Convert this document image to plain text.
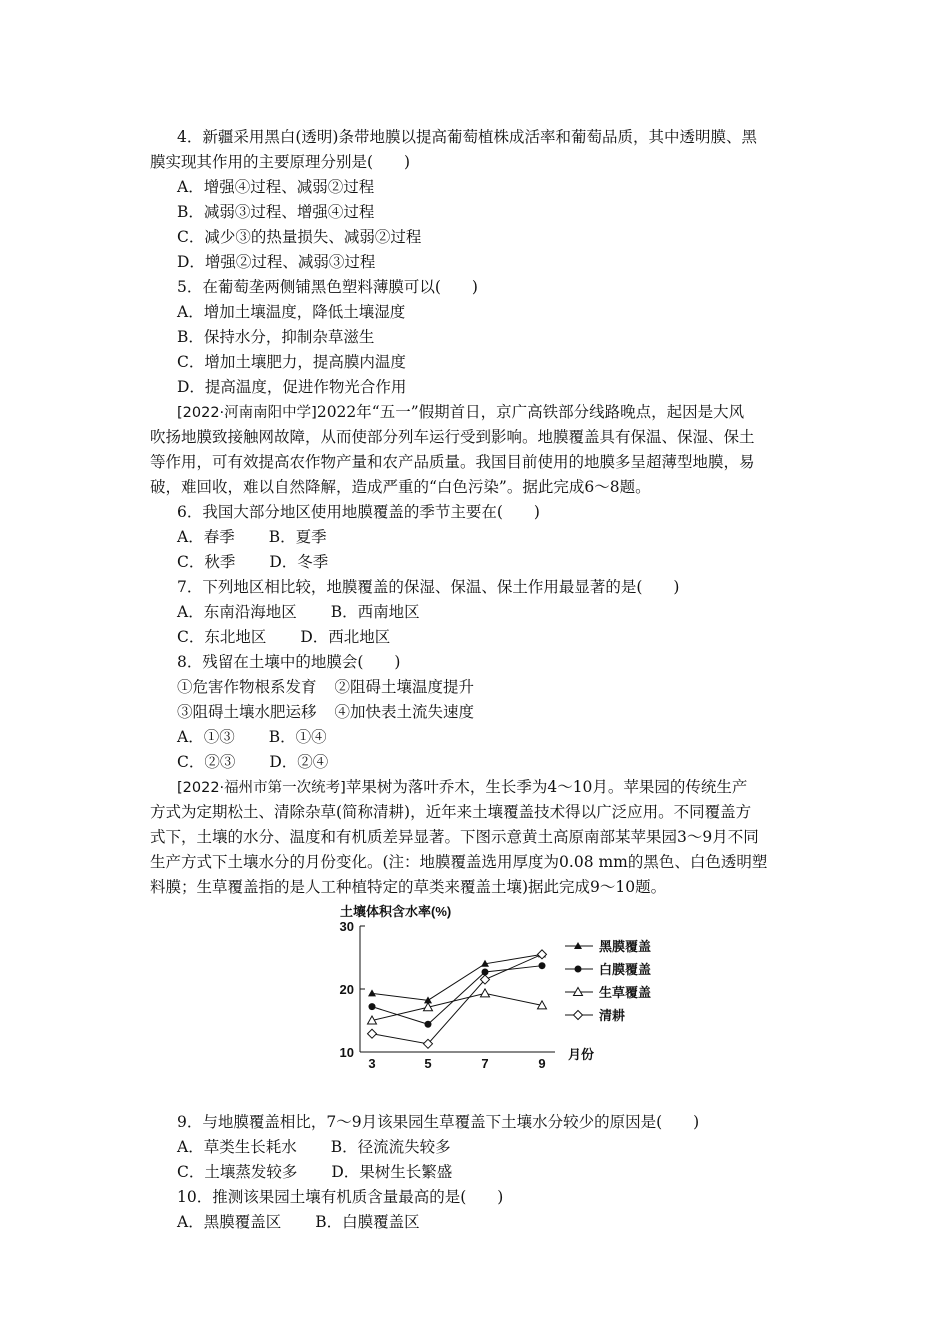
4．新疆采用黑白(透明)条带地膜以提高葡萄植株成活率和葡萄品质，其中透明膜、黑
膜实现其作用的主要原理分别是(　　)
A．增强④过程、减弱②过程
B．减弱③过程、增强④过程
C．减少③的热量损失、减弱②过程
D．增强②过程、减弱③过程
5．在葡萄垄两侧铺黑色塑料薄膜可以(　　)
A．增加土壤温度，降低土壤湿度
B．保持水分，抑制杂草滋生
C．增加土壤肥力，提高膜内温度
D．提高温度，促进作物光合作用
[2022·河南南阳中学]2022年“五一”假期首日，京广高铁部分线路晚点，起因是大风
吹扬地膜致接触网故障，从而使部分列车运行受到影响。地膜覆盖具有保温、保湿、保土
等作用，可有效提高农作物产量和农产品质量。我国目前使用的地膜多呈超薄型地膜，易
破，难回收，难以自然降解，造成严重的“白色污染”。据此完成6～8题。
6．我国大部分地区使用地膜覆盖的季节主要在(　　)
A．春季 B．夏季
C．秋季 D．冬季
7．下列地区相比较，地膜覆盖的保湿、保温、保土作用最显著的是(　　)
A．东南沿海地区 B．西南地区
C．东北地区 D．西北地区
8．残留在土壤中的地膜会(　　)
①危害作物根系发育 ②阻碍土壤温度提升
③阻碍土壤水肥运移 ④加快表土流失速度
A．①③ B．①④
C．②③ D．②④
[2022·福州市第一次统考]苹果树为落叶乔木，生长季为4～10月。苹果园的传统生产
方式为定期松土、清除杂草(简称清耕)，近年来土壤覆盖技术得以广泛应用。不同覆盖方
式下，土壤的水分、温度和有机质差异显著。下图示意黄土高原南部某苹果园3～9月不同
生产方式下土壤水分的月份变化。(注：地膜覆盖选用厚度为0.08 mm的黑色、白色透明塑
料膜；生草覆盖指的是人工种植特定的草类来覆盖土壤)据此完成9～10题。
土壤体积含水率(%)
月份
10
20
30
3	5	7	9
黑膜覆盖
白膜覆盖
生草覆盖
清耕
9．与地膜覆盖相比，7～9月该果园生草覆盖下土壤水分较少的原因是(　　)
A．草类生长耗水 B．径流流失较多
C．土壤蒸发较多 D．果树生长繁盛
10．推测该果园土壤有机质含量最高的是(　　)
A．黑膜覆盖区 B．白膜覆盖区
